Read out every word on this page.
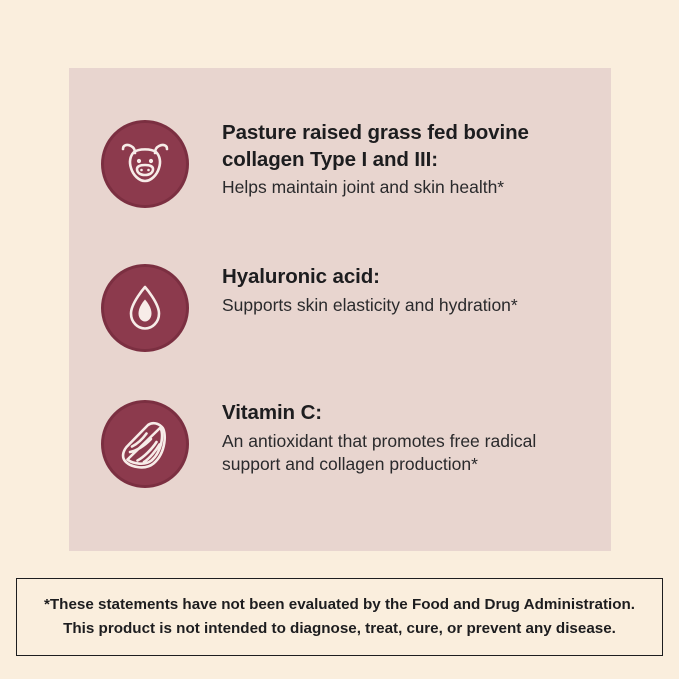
Pasture raised grass fed bovine collagen Type I and III:

Helps maintain joint and skin health*

Hyaluronic acid:

Supports skin elasticity and hydration*

Vitamin C:

An antioxidant that promotes free radical support and collagen production*

*These statements have not been evaluated by the Food and Drug Administration.

This product is not intended to diagnose, treat, cure, or prevent any disease.
